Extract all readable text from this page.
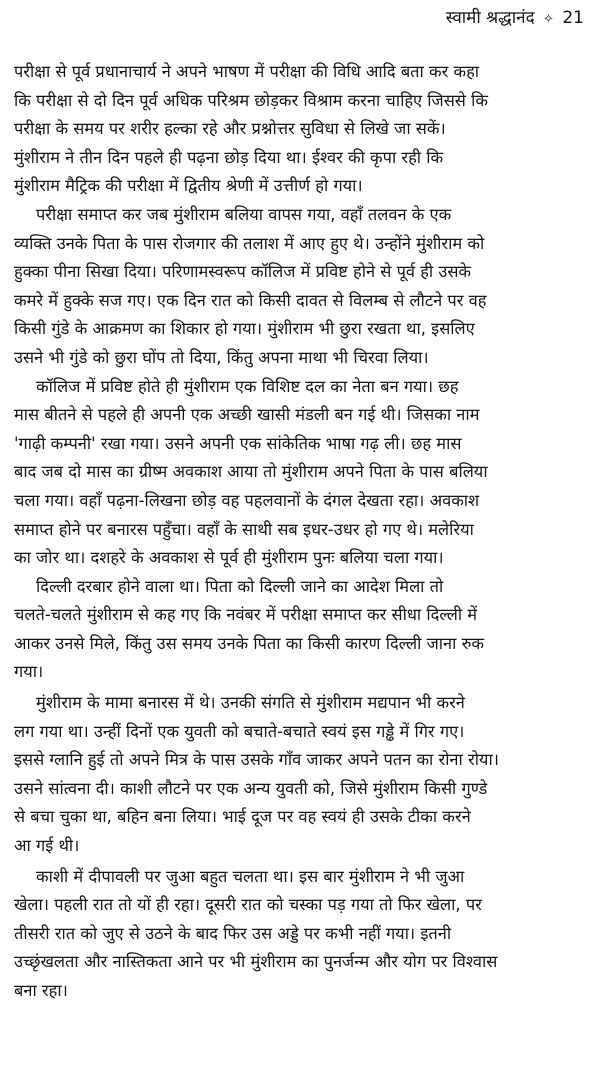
स्वामी श्रद्धानंद ✧ 21
परीक्षा से पूर्व प्रधानाचार्य ने अपने भाषण में परीक्षा की विधि आदि बता कर कहा
कि परीक्षा से दो दिन पूर्व अधिक परिश्रम छोड़कर विश्राम करना चाहिए जिससे कि
परीक्षा के समय पर शरीर हल्का रहे और प्रश्नोत्तर सुविधा से लिखे जा सकें।
मुंशीराम ने तीन दिन पहले ही पढ़ना छोड़ दिया था। ईश्वर की कृपा रही कि
मुंशीराम मैट्रिक की परीक्षा में द्वितीय श्रेणी में उत्तीर्ण हो गया।
परीक्षा समाप्त कर जब मुंशीराम बलिया वापस गया, वहाँ तलवन के एक
व्यक्ति उनके पिता के पास रोजगार की तलाश में आए हुए थे। उन्होंने मुंशीराम को
हुक्का पीना सिखा दिया। परिणामस्वरूप कॉलिज में प्रविष्ट होने से पूर्व ही उसके
कमरे में हुक्के सज गए। एक दिन रात को किसी दावत से विलम्ब से लौटने पर वह
किसी गुंडे के आक्रमण का शिकार हो गया। मुंशीराम भी छुरा रखता था, इसलिए
उसने भी गुंडे को छुरा घोंप तो दिया, किंतु अपना माथा भी चिरवा लिया।
कॉलिज में प्रविष्ट होते ही मुंशीराम एक विशिष्ट दल का नेता बन गया। छह
मास बीतने से पहले ही अपनी एक अच्छी खासी मंडली बन गई थी। जिसका नाम
'गाढ़ी कम्पनी' रखा गया। उसने अपनी एक सांकेतिक भाषा गढ़ ली। छह मास
बाद जब दो मास का ग्रीष्म अवकाश आया तो मुंशीराम अपने पिता के पास बलिया
चला गया। वहाँ पढ़ना-लिखना छोड़ वह पहलवानों के दंगल देखता रहा। अवकाश
समाप्त होने पर बनारस पहुँचा। वहाँ के साथी सब इधर-उधर हो गए थे। मलेरिया
का जोर था। दशहरे के अवकाश से पूर्व ही मुंशीराम पुनः बलिया चला गया।
दिल्ली दरबार होने वाला था। पिता को दिल्ली जाने का आदेश मिला तो
चलते-चलते मुंशीराम से कह गए कि नवंबर में परीक्षा समाप्त कर सीधा दिल्ली में
आकर उनसे मिले, किंतु उस समय उनके पिता का किसी कारण दिल्ली जाना रुक
गया।
मुंशीराम के मामा बनारस में थे। उनकी संगति से मुंशीराम मद्यपान भी करने
लग गया था। उन्हीं दिनों एक युवती को बचाते-बचाते स्वयं इस गड्ढे में गिर गए।
इससे ग्लानि हुई तो अपने मित्र के पास उसके गाँव जाकर अपने पतन का रोना रोया।
उसने सांत्वना दी। काशी लौटने पर एक अन्य युवती को, जिसे मुंशीराम किसी गुण्डे
से बचा चुका था, बहिन बना लिया। भाई दूज पर वह स्वयं ही उसके टीका करने
आ गई थी।
काशी में दीपावली पर जुआ बहुत चलता था। इस बार मुंशीराम ने भी जुआ
खेला। पहली रात तो यों ही रहा। दूसरी रात को चस्का पड़ गया तो फिर खेला, पर
तीसरी रात को जुए से उठने के बाद फिर उस अड्डे पर कभी नहीं गया। इतनी
उच्छृंखलता और नास्तिकता आने पर भी मुंशीराम का पुनर्जन्म और योग पर विश्वास
बना रहा।
